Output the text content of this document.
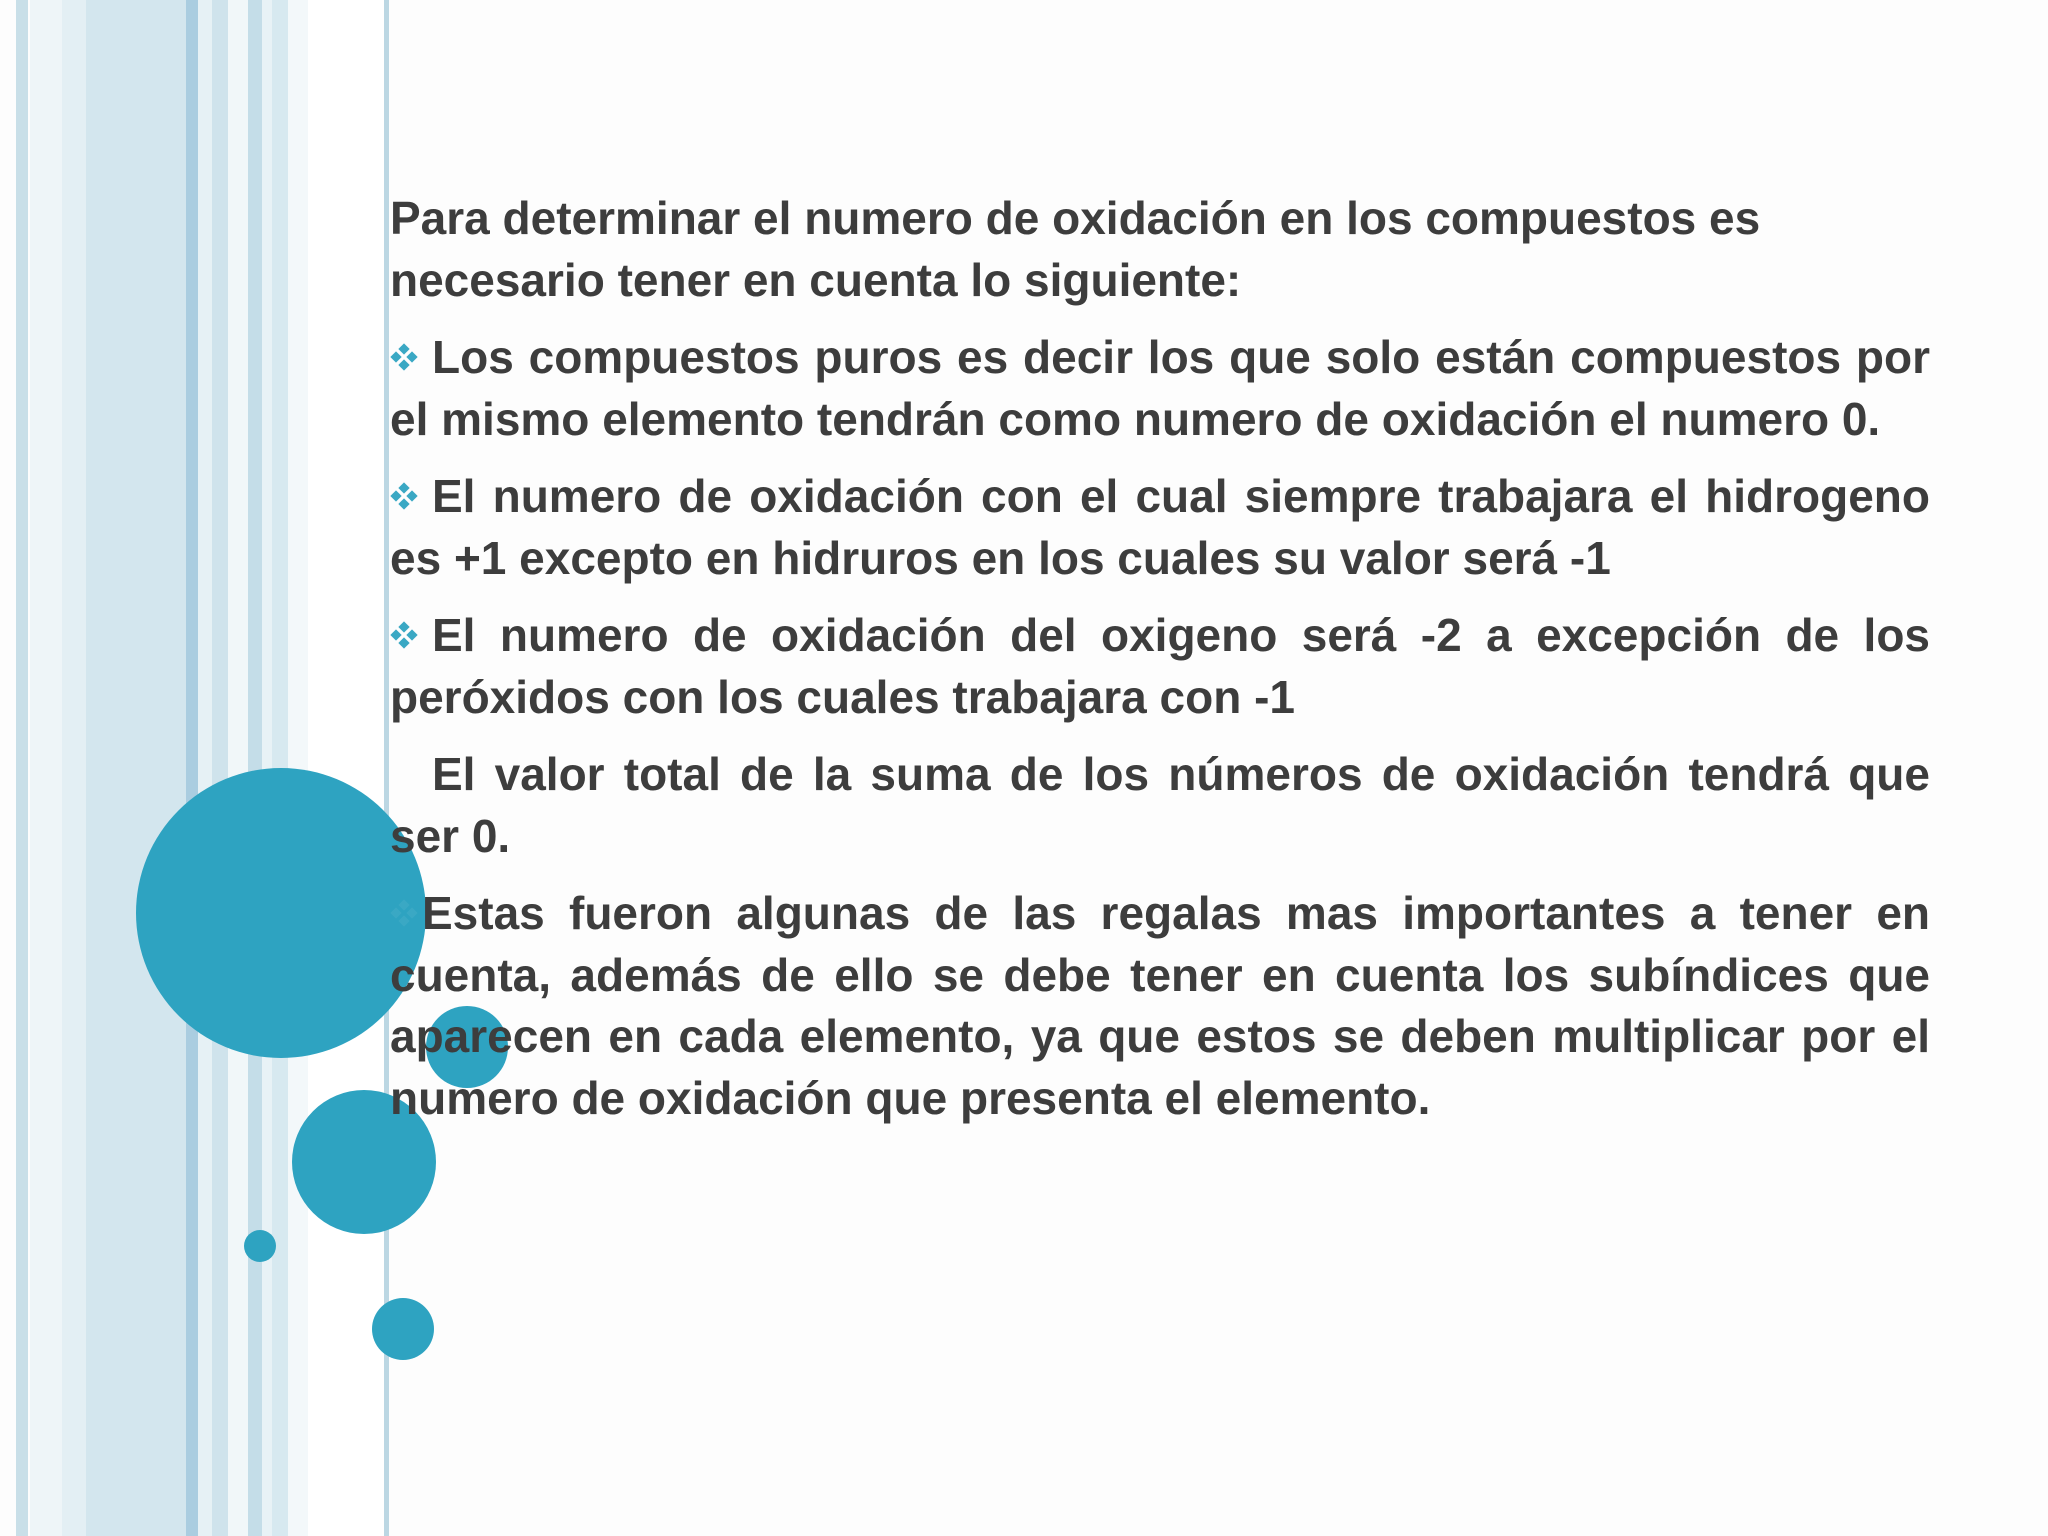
Para determinar el numero de oxidación en los compuestos es necesario tener en cuenta lo siguiente:

Los compuestos puros es decir los que solo están compuestos por el mismo elemento tendrán como numero de oxidación el numero 0.

El numero de oxidación con el cual siempre trabajara el hidrogeno es +1 excepto en hidruros en los cuales su valor será -1

El numero de oxidación del oxigeno será -2 a excepción de los peróxidos con los cuales trabajara con -1

El valor total de la suma de los números de oxidación tendrá que ser 0.

Estas fueron algunas de las regalas mas importantes a tener en cuenta, además de ello se debe tener en cuenta los subíndices que aparecen en cada elemento, ya que estos se deben multiplicar por el numero de oxidación que presenta el elemento.
